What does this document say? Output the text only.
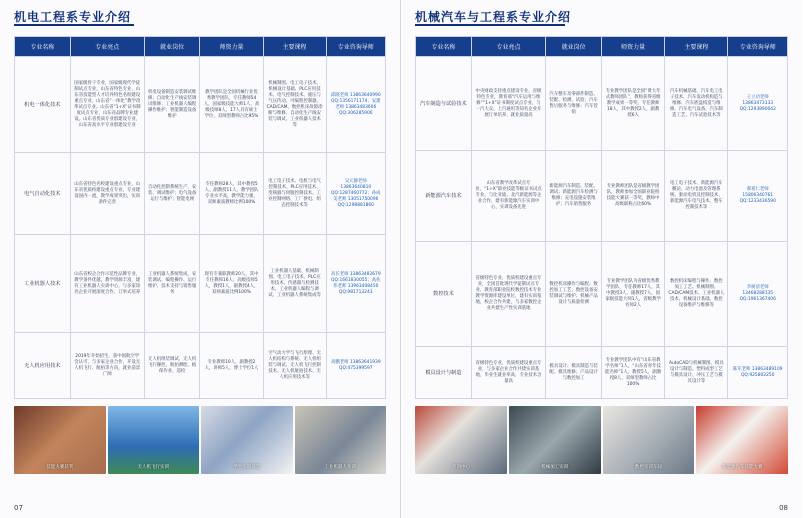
机电工程系专业介绍
专业名称	专业亮点	就业岗位	师资力量	主要课程	专业咨询导师
机电一体化技术	国家级骨干专业，国家级现代学徒制试点专业，山东省特色专业，山东省技能型人才培养特色名校建设重点专业，山东省“一体化”教学改革试点专业。山东省“1+X”证书制度试点专业，山东省品牌专业建设。山东省优质专业群建设专业，山东省高水平专业群建设专业	机电设备制造安装调试维修；自动化生产线安装调试维修；工业机器人编程操作维护；智能制造设备维护	教学团队是全国机械行业优秀教学团队，专任教师54人，国家级技能大师1人，高级技师8人，17人具有硕士学位，双师型教师占比95%	机械制图、电工电子技术、机械设计基础、PLC应用技术、电气控制技术、液压与气压传动、可编程控制器、CAD/CAM、数控机床故障诊断与维修、自动化生产线安装与调试、工业机器人技术等	邱晓老师 13863640990 QQ:1356171174；安建老师 13863483606 QQ:306285906
电气自动化技术	山东省特色名校建设重点专业，山东省优质校建设重点专业，专业建设国内一流，教学成果突出，实训条件完善	自动化控制系统生产、安装、调试维护；电气设备运行与维护；智能电网	专任教师28人，其中教授5人、副教授11人，教学团队专业水平高，教学能力强，双师素质教师比例100%	电工电子技术、电机与电气控制技术、PLC应用技术、变频器与伺服控制技术、工业控制网络、工厂供电、组态控制技术等	吴元静老师 13863640810 QQ:1287460772；孙成美老师 13051750096 QQ:1298881860
工业机器人技术	山东省校企合作示范性品牌专业，教学条件优越，教学资源丰富，建有工业机器人实训中心，与多家知名企业开展深度合作，订单式培养	工业机器人系统集成、安装调试、编程操作、运行维护、技术支持与销售服务	现有专兼职教师20人，其中专任教师16人；高级技师5人，教授1人，副教授4人，双师素质比例100%	工业机器人基础、机械制图、电工电子技术、PLC应用技术、传感器与检测技术、工业机器人编程与调试、工业机器人系统集成等	高长老师 13863482679 QQ:1661830055；高佐伟老师 13963408450 QQ:981713243
无人机应用技术	2019年开始招生，获中国航空学会认可，与多家企业合作，开设无人机飞行、航拍等方向，就业前景广阔	无人机组装调试、无人机飞行操控、航拍测绘、植保作业、巡检	专业教师10人，副教授2人，讲师5人，博士学位1人	空气动力学与飞行原理、无人机结构与系统、无人机组装与调试、无人机飞行控制技术、无人机航拍技术、无人机应用技术等	高鹏老师 13863641939 QQ:475399597
技能大赛获奖	无人机飞行实训	学生实训场景	工业机器人实训
07
机械汽车与工程系专业介绍
专业名称	专业亮点	就业岗位	师资力量	主要课程	专业咨询导师
汽车制造与试验技术	中央财政支持重点建设专业，省级特色专业，教育部“汽车运用与维修”“1+X”证书制度试点专业，与一汽大众、上汽通用等知名企业开展订单培养，就业质量高	汽车整车及零部件制造、装配、检测、试验；汽车售后服务与维修；汽车营销	专业教学团队是全国“黄大年式教师团队”，教师获得省级教学成果一等奖，专任教师18人，其中教授2人，副教授6人	汽车机械基础、汽车电工电子技术、汽车发动机构造与维修、汽车底盘构造与维修、汽车电气设备、汽车制造工艺、汽车试验技术等	王立功老师 13863473133 QQ:1293890042
新能源汽车技术	山东省教学改革试点专业，“1+X”职业技能等级证书试点专业，与比亚迪、北汽新能源等企业合作，建有新能源汽车实训中心，实训设备先进	新能源汽车制造、装配、调试；新能源汽车检测与维修；充电设施安装维护；汽车销售服务	专业教师团队是省级教学团队，教师参加全国职业院校技能大赛获一等奖，教师中高级职称占比60%	电工电子技术、新能源汽车概论、动力电池及管理系统、驱动电机及控制技术、新能源汽车电气技术、整车控制技术等	郝希仁老师 15806340761 QQ:1233436590
数控技术	省级特色专业，优质校建设重点专业，全国首批现代学徒制试点专业，教育部职业院校数控技术专业教学资源库建设单位，建有实训基地，校企合作共建，与多家数控企业共建生产性实训基地	数控机床操作与编程；数控加工工艺；数控设备安装调试与维护；机械产品设计与质量检测	专业教学团队为省级优秀教学团队，专任教师17人，其中教授3人，副教授7人，国家级技能大师1人，省级教学名师2人	数控机床编程与操作、数控加工工艺、机械制图、CAD/CAM技术、工业机器人技术、机械设计基础、数控设备维护与维修等	李树清老师 13468288135 QQ:1961367406
模具设计与制造	省级特色专业，优质校建设重点专业，与多家企业合作共建实训基地，毕业生就业率高，专业技术含量高	模具设计、模具制造与装配、模具维修；产品设计与数控加工	专业教学团队中有“山东省教学名师”1人，“山东省青年技能名师”1人，教授5人，副教授8人，双师型教师占比100%	AutoCAD与机械制图、模具设计与制造、塑料成型工艺与模具设计、冲压工艺与模具设计等	陈军老师 13863489109 QQ:925802250
实训中心	机械加工实训	数控实训车间	新能源汽车技能大赛
08
